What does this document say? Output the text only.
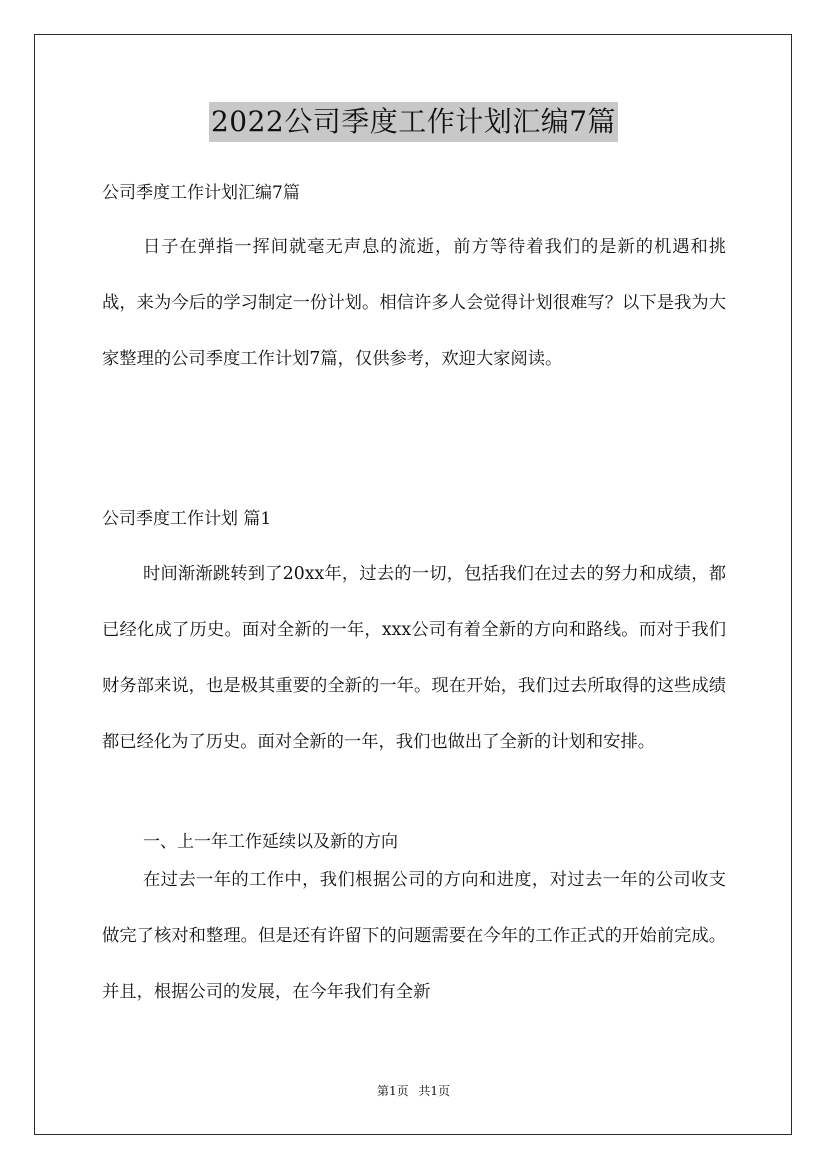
2022公司季度工作计划汇编7篇
公司季度工作计划汇编7篇

日子在弹指一挥间就毫无声息的流逝，前方等待着我们的是新的机遇和挑战，来为今后的学习制定一份计划。相信许多人会觉得计划很难写？以下是我为大家整理的公司季度工作计划7篇，仅供参考，欢迎大家阅读。

公司季度工作计划 篇1

时间渐渐跳转到了20xx年，过去的一切，包括我们在过去的努力和成绩，都已经化成了历史。面对全新的一年，xxx公司有着全新的方向和路线。而对于我们财务部来说，也是极其重要的全新的一年。现在开始，我们过去所取得的这些成绩都已经化为了历史。面对全新的一年，我们也做出了全新的计划和安排。

一、上一年工作延续以及新的方向

在过去一年的工作中，我们根据公司的方向和进度，对过去一年的公司收支做完了核对和整理。但是还有许留下的问题需要在今年的工作正式的开始前完成。并且，根据公司的发展，在今年我们有全新

第1页 共1页
